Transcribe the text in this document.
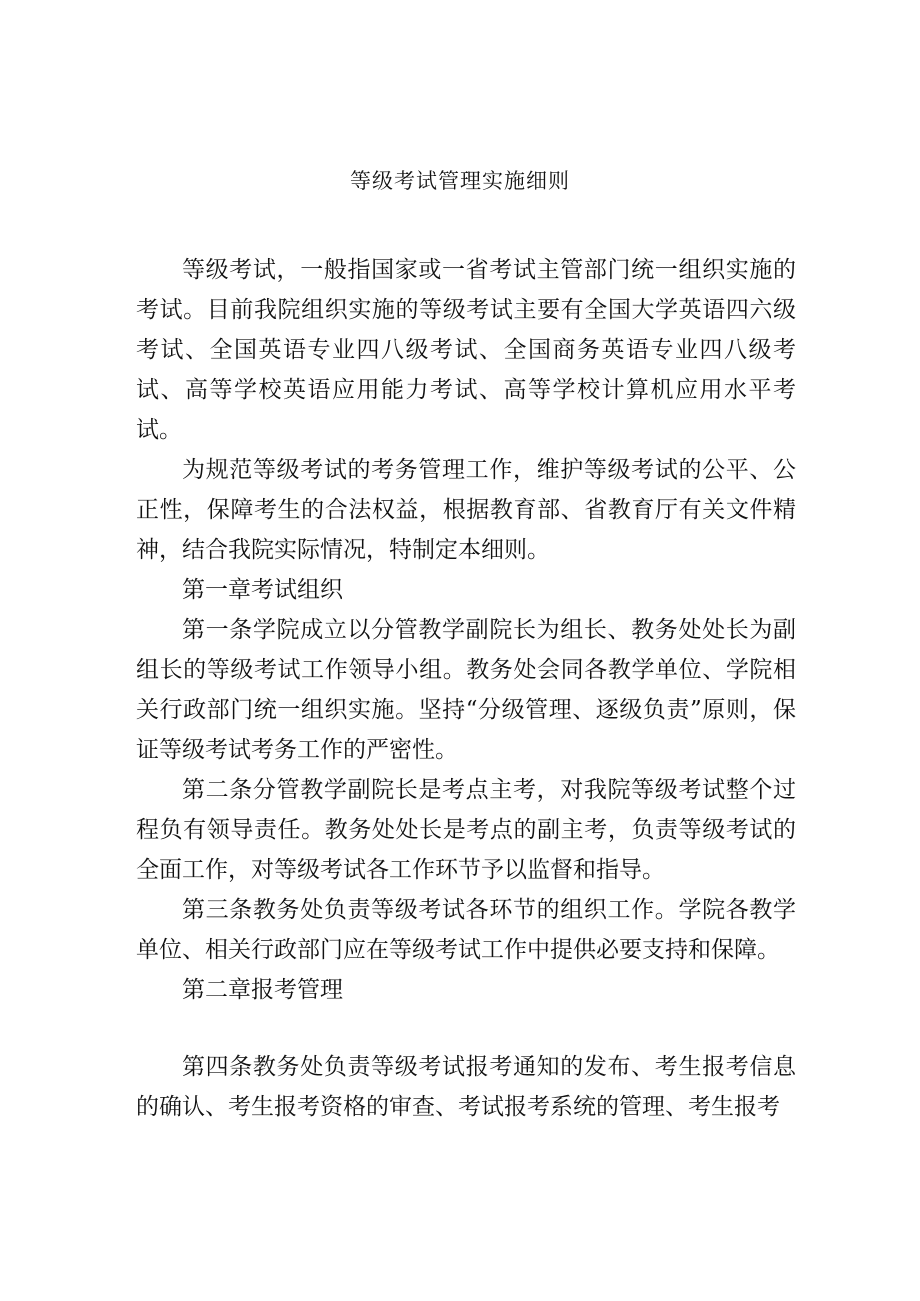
等级考试管理实施细则

等级考试，一般指国家或一省考试主管部门统一组织实施的考试。目前我院组织实施的等级考试主要有全国大学英语四六级考试、全国英语专业四八级考试、全国商务英语专业四八级考试、高等学校英语应用能力考试、高等学校计算机应用水平考试。

为规范等级考试的考务管理工作，维护等级考试的公平、公正性，保障考生的合法权益，根据教育部、省教育厅有关文件精神，结合我院实际情况，特制定本细则。

第一章考试组织

第一条学院成立以分管教学副院长为组长、教务处处长为副组长的等级考试工作领导小组。教务处会同各教学单位、学院相关行政部门统一组织实施。坚持“分级管理、逐级负责”原则，保证等级考试考务工作的严密性。

第二条分管教学副院长是考点主考，对我院等级考试整个过程负有领导责任。教务处处长是考点的副主考，负责等级考试的全面工作，对等级考试各工作环节予以监督和指导。

第三条教务处负责等级考试各环节的组织工作。学院各教学单位、相关行政部门应在等级考试工作中提供必要支持和保障。

第二章报考管理

第四条教务处负责等级考试报考通知的发布、考生报考信息的确认、考生报考资格的审查、考试报考系统的管理、考生报考
